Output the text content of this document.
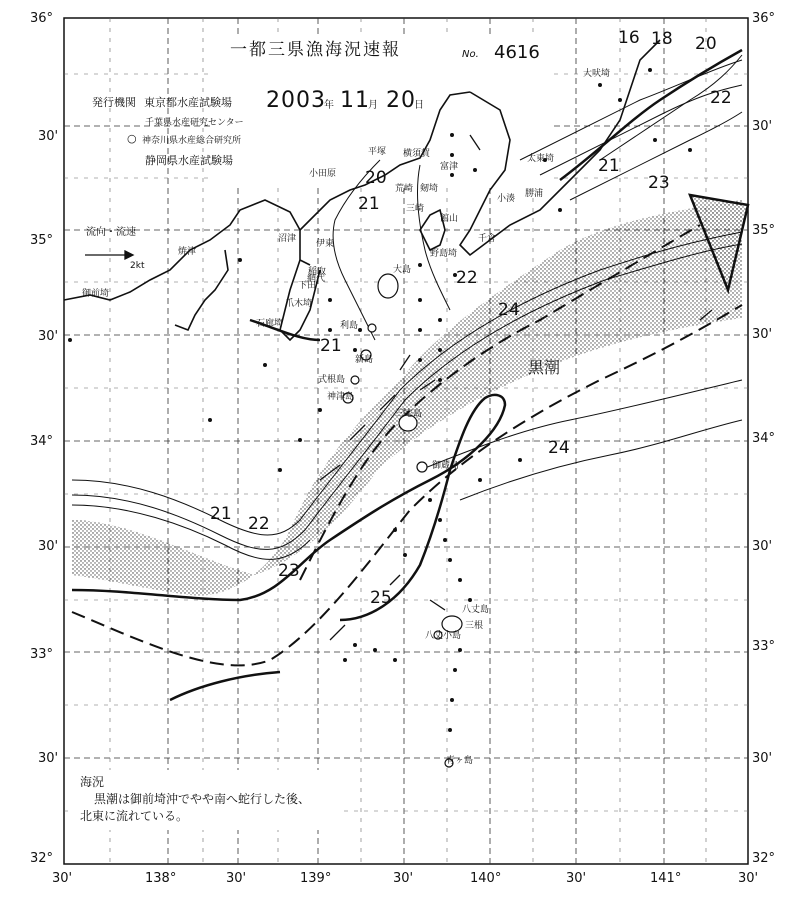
36°
30'
35°
30'
34°
30'
33°
30'
32°
36°
30'
35°
30'
34°
30'
33°
30'
32°
30'	138°	30'	139°	30'	140°	30'	141°	30'
一都三県漁海況速報	No. 4616
2003
年 11
月 20
日
発行機関 東京都水産試験場
千葉県水産研究センター
○ 神奈川県水産総合研究所
静岡県水産試験場
流向・流速
2kt
黒潮
16 18 20
22
21
23
20
21
21
22
24
21 22
23
24
25
大吠埼
平塚 横須賀
富津
太東埼
小田原
荒崎 剱埼	勝浦
三崎
館山
小湊
沼津 伊東	千倉
野島埼
大島
焼津
網代
稲取
下田
爪木埼
御前埼
石廊埼	利島
新島
式根島
神津島
三宅島
御蔵島
八丈島
八丈小島
三根
青ヶ島
海況
黒潮は御前埼沖でやや南へ蛇行した後、
北東に流れている。
